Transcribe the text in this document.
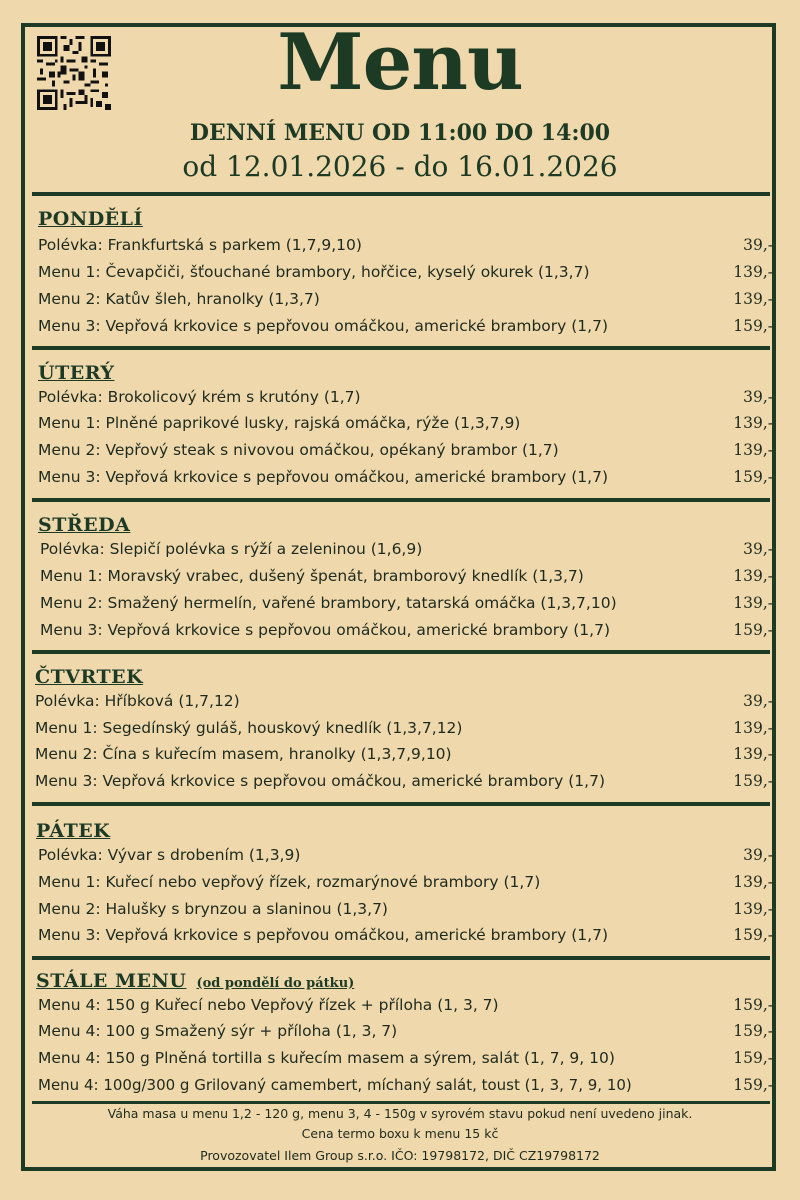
Menu
DENNÍ MENU OD 11:00 DO 14:00
od 12.01.2026 - do 16.01.2026
PONDĚLÍ
Polévka: Frankfurtská s parkem (1,7,9,10)	39,-
Menu 1: Čevapčiči, šťouchané brambory, hořčice, kyselý okurek (1,3,7)	139,-
Menu 2: Katův šleh, hranolky (1,3,7)	139,-
Menu 3: Vepřová krkovice s pepřovou omáčkou, americké brambory (1,7)	159,-
ÚTERÝ
Polévka: Brokolicový krém s krutóny (1,7)	39,-
Menu 1: Plněné paprikové lusky, rajská omáčka, rýže (1,3,7,9)	139,-
Menu 2: Vepřový steak s nivovou omáčkou, opékaný brambor (1,7)	139,-
Menu 3: Vepřová krkovice s pepřovou omáčkou, americké brambory (1,7)	159,-
STŘEDA
Polévka: Slepičí polévka s rýží a zeleninou (1,6,9)	39,-
Menu 1: Moravský vrabec, dušený špenát, bramborový knedlík (1,3,7)	139,-
Menu 2: Smažený hermelín, vařené brambory, tatarská omáčka (1,3,7,10)	139,-
Menu 3: Vepřová krkovice s pepřovou omáčkou, americké brambory (1,7)	159,-
ČTVRTEK
Polévka: Hříbková (1,7,12)	39,-
Menu 1: Segedínský guláš, houskový knedlík (1,3,7,12)	139,-
Menu 2: Čína s kuřecím masem, hranolky (1,3,7,9,10)	139,-
Menu 3: Vepřová krkovice s pepřovou omáčkou, americké brambory (1,7)	159,-
PÁTEK
Polévka: Vývar s drobením (1,3,9)	39,-
Menu 1: Kuřecí nebo vepřový řízek, rozmarýnové brambory (1,7)	139,-
Menu 2: Halušky s brynzou a slaninou (1,3,7)	139,-
Menu 3: Vepřová krkovice s pepřovou omáčkou, americké brambory (1,7)	159,-
STÁLE MENU (od pondělí do pátku)
Menu 4: 150 g Kuřecí nebo Vepřový řízek + příloha (1, 3, 7)	159,-
Menu 4: 100 g Smažený sýr + příloha (1, 3, 7)	159,-
Menu 4: 150 g Plněná tortilla s kuřecím masem a sýrem, salát (1, 7, 9, 10)	159,-
Menu 4: 100g/300 g Grilovaný camembert, míchaný salát, toust (1, 3, 7, 9, 10)	159,-
Váha masa u menu 1,2 - 120 g, menu 3, 4 - 150g v syrovém stavu pokud není uvedeno jinak.
Cena termo boxu k menu 15 kč
Provozovatel Ilem Group s.r.o. IČO: 19798172, DIČ CZ19798172
